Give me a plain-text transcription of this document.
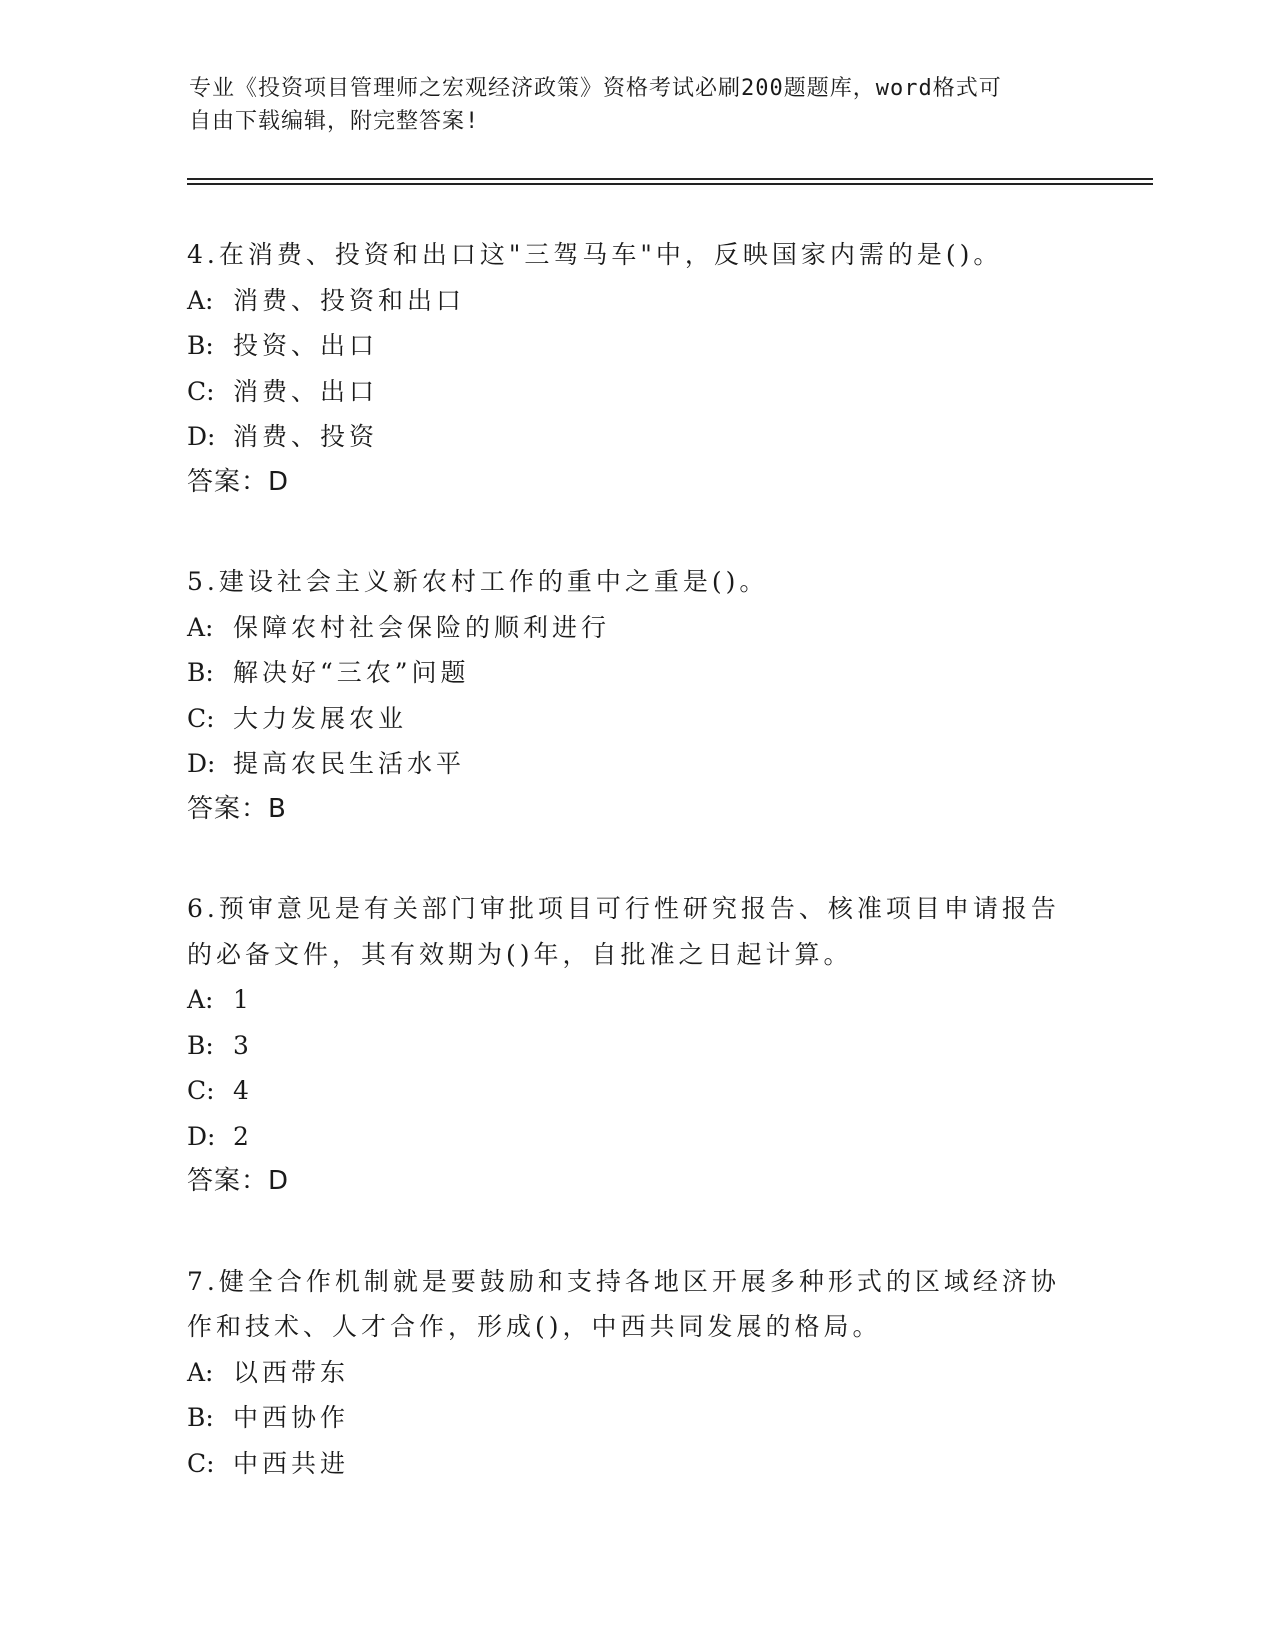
专业《投资项目管理师之宏观经济政策》资格考试必刷200题题库，word格式可
自由下载编辑，附完整答案!
4.在消费、投资和出口这"三驾马车"中，反映国家内需的是()。
A: 消费、投资和出口
B: 投资、出口
C: 消费、出口
D: 消费、投资
答案：D
5.建设社会主义新农村工作的重中之重是()。
A: 保障农村社会保险的顺利进行
B: 解决好“三农”问题
C: 大力发展农业
D: 提高农民生活水平
答案：B
6.预审意见是有关部门审批项目可行性研究报告、核准项目申请报告
的必备文件，其有效期为()年，自批准之日起计算。
A: 1
B: 3
C: 4
D: 2
答案：D
7.健全合作机制就是要鼓励和支持各地区开展多种形式的区域经济协
作和技术、人才合作，形成()，中西共同发展的格局。
A: 以西带东
B: 中西协作
C: 中西共进
